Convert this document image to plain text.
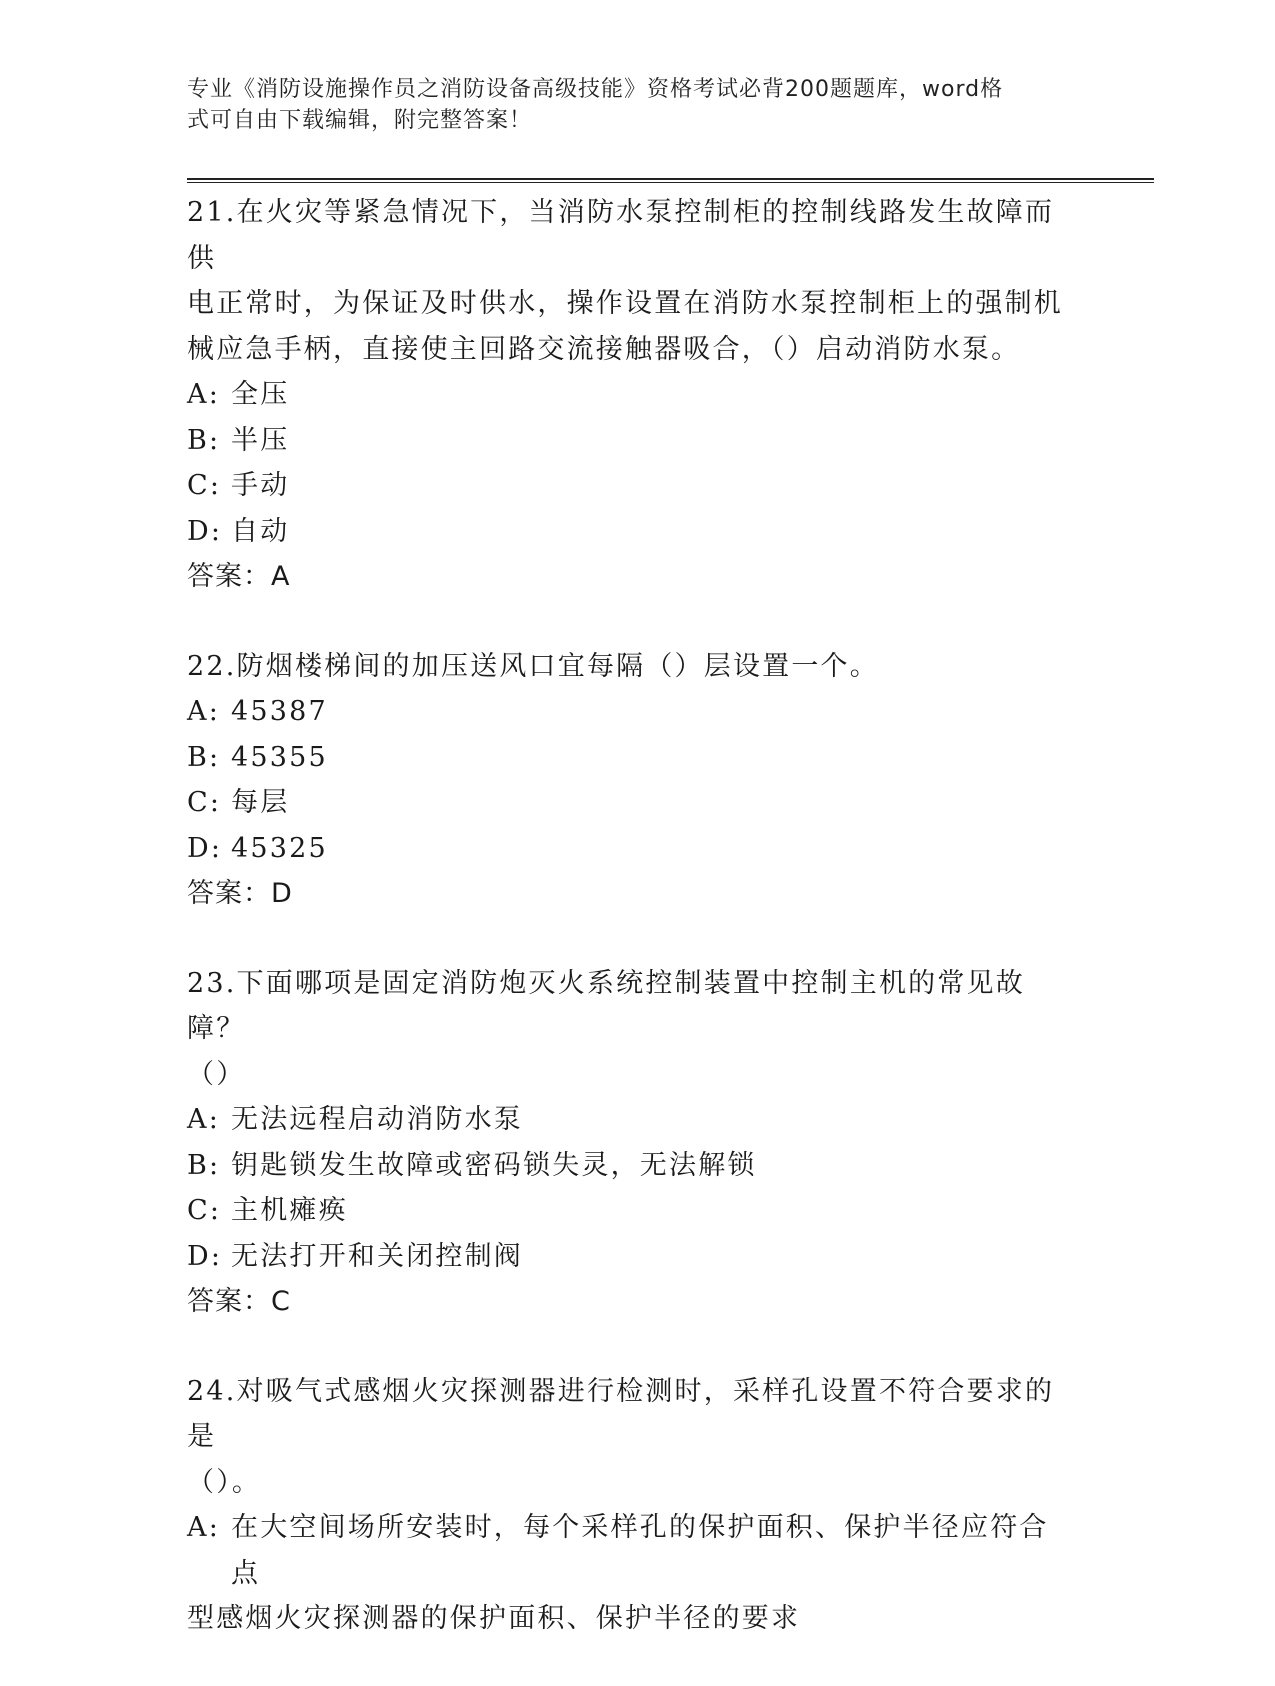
专业《消防设施操作员之消防设备高级技能》资格考试必背200题题库，word格
式可自由下载编辑，附完整答案！
21.在火灾等紧急情况下，当消防水泵控制柜的控制线路发生故障而供
电正常时，为保证及时供水，操作设置在消防水泵控制柜上的强制机
械应急手柄，直接使主回路交流接触器吸合，（）启动消防水泵。
A: 全压
B: 半压
C: 手动
D: 自动
答案：A
22.防烟楼梯间的加压送风口宜每隔（）层设置一个。
A: 45387
B: 45355
C: 每层
D: 45325
答案：D
23.下面哪项是固定消防炮灭火系统控制装置中控制主机的常见故障？
（）
A: 无法远程启动消防水泵
B: 钥匙锁发生故障或密码锁失灵，无法解锁
C: 主机瘫痪
D: 无法打开和关闭控制阀
答案：C
24.对吸气式感烟火灾探测器进行检测时，采样孔设置不符合要求的是
（）。
A: 在大空间场所安装时，每个采样孔的保护面积、保护半径应符合点
型感烟火灾探测器的保护面积、保护半径的要求
